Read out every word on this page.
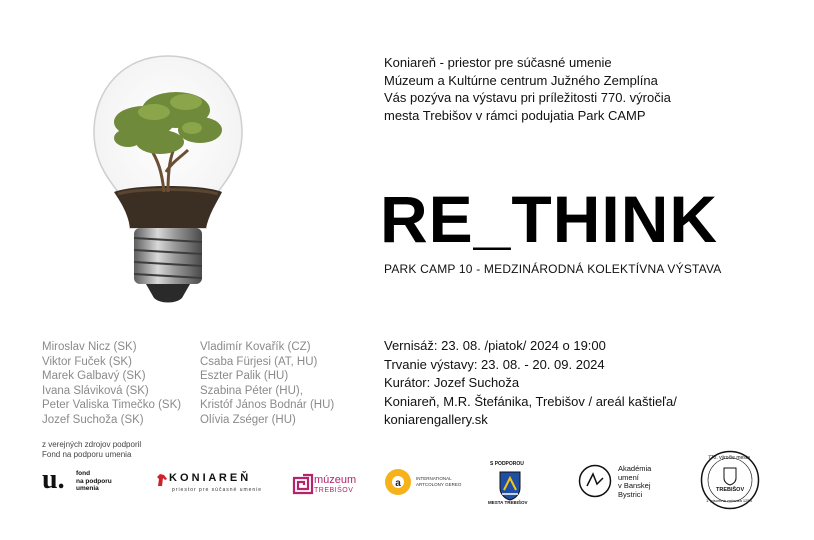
Koniareň - priestor pre súčasné umenie
Múzeum a Kultúrne centrum Južného Zemplína
Vás pozýva na výstavu pri príležitosti 770. výročia
mesta Trebišov v rámci podujatia Park CAMP
RE_THINK
PARK CAMP 10 - MEDZINÁRODNÁ KOLEKTÍVNA VÝSTAVA
Miroslav Nicz (SK)
Viktor Fuček (SK)
Marek Galbavý (SK)
Ivana Sláviková (SK)
Peter Valiska Timečko (SK)
Jozef Suchoža (SK)
Vladimír Kovařík (CZ)
Csaba Fürjesi (AT, HU)
Eszter Palik (HU)
Szabina Péter (HU),
Kristóf János Bodnár (HU)
Olívia Zséger (HU)
Vernisáž: 23. 08. /piatok/ 2024 o 19:00
Trvanie výstavy: 23. 08. - 20. 09. 2024
Kurátor: Jozef Suchoža
Koniareň, M.R. Štefánika, Trebišov / areál kaštieľa/
koniarengallery.sk
z verejných zdrojov podporil
Fond na podporu umenia
u. fond
na podporu
umenia
K O N I A R E Ň
priestor pre súčasné umenie
múzeum
TREBIŠOV
a	INTERNATIONAL
ARTCOLONY GEREO
S PODPOROU
MESTA TREBIŠOV
Akadémia
umení
v Banskej
Bystrici
770. výročie mesta
TREBIŠOV
1. písomná zmienka 1254
